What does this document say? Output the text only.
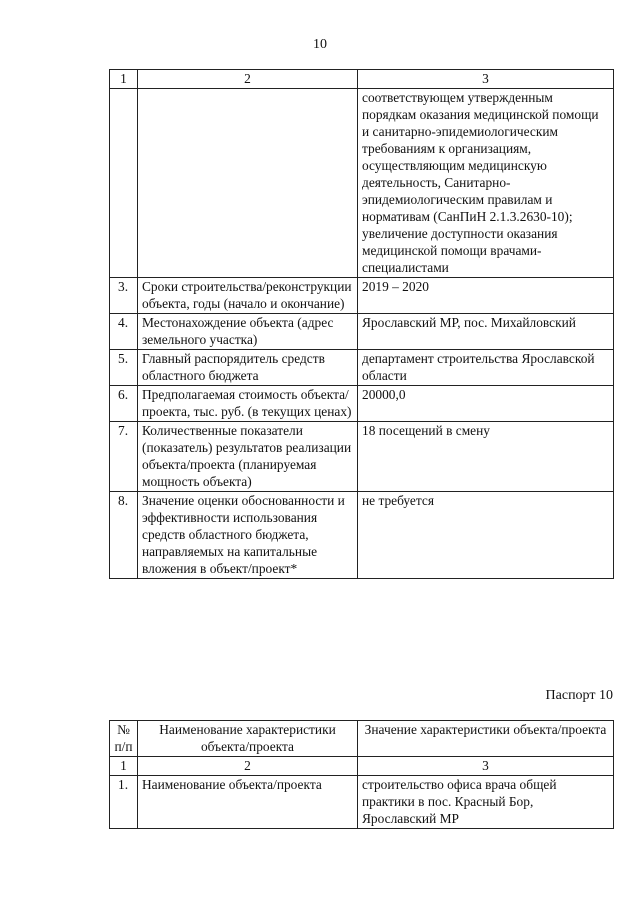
10
1	2	3
		соответствующем утвержденным порядкам оказания медицинской помощи и санитарно-эпидемиологическим требованиям к организациям, осуществляющим медицинскую деятельность, Санитарно-эпидемиологическим правилам и нормативам (СанПиН 2.1.3.2630-10); увеличение доступности оказания медицинской помощи врачами-специалистами
3.	Сроки строительства/реконструкции объекта, годы (начало и окончание)	2019 – 2020
4.	Местонахождение объекта (адрес земельного участка)	Ярославский МР, пос. Михайловский
5.	Главный распорядитель средств областного бюджета	департамент строительства Ярославской области
6.	Предполагаемая стоимость объекта/проекта, тыс. руб. (в текущих ценах)	20000,0
7.	Количественные показатели (показатель) результатов реализации объекта/проекта (планируемая мощность объекта)	18 посещений в смену
8.	Значение оценки обоснованности и эффективности использования средств областного бюджета, направляемых на капитальные вложения в объект/проект*	не требуется
Паспорт 10
№ п/п	Наименование характеристики объекта/проекта	Значение характеристики объекта/проекта
1	2	3
1.	Наименование объекта/проекта	строительство офиса врача общей практики в пос. Красный Бор, Ярославский МР
